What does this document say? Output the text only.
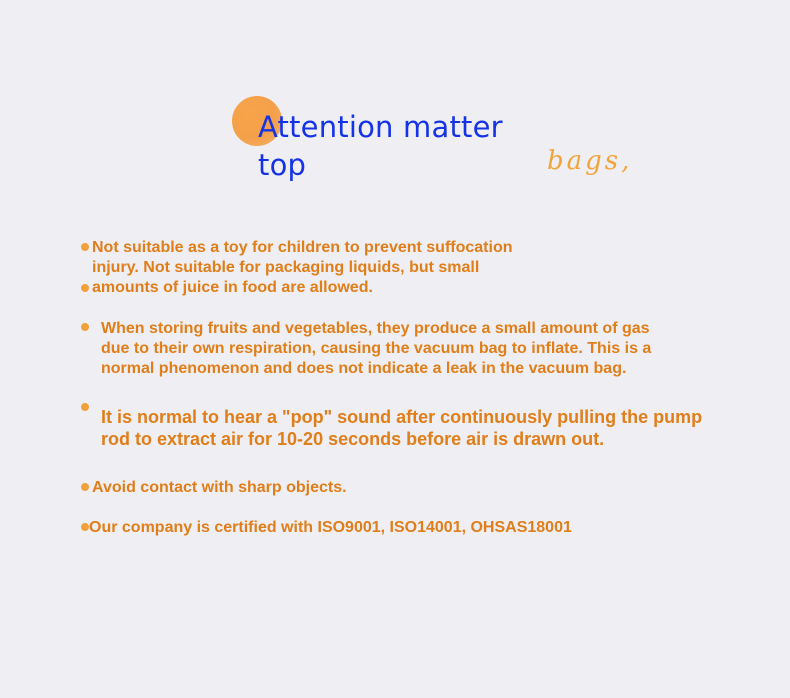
Attention matter
top	bags,
Not suitable as a toy for children to prevent suffocation injury. Not suitable for packaging liquids, but small amounts of juice in food are allowed.
When storing fruits and vegetables, they produce a small amount of gas due to their own respiration, causing the vacuum bag to inflate. This is a normal phenomenon and does not indicate a leak in the vacuum bag.
It is normal to hear a "pop" sound after continuously pulling the pump rod to extract air for 10-20 seconds before air is drawn out.
Avoid contact with sharp objects.
Our company is certified with ISO9001, ISO14001, OHSAS18001
